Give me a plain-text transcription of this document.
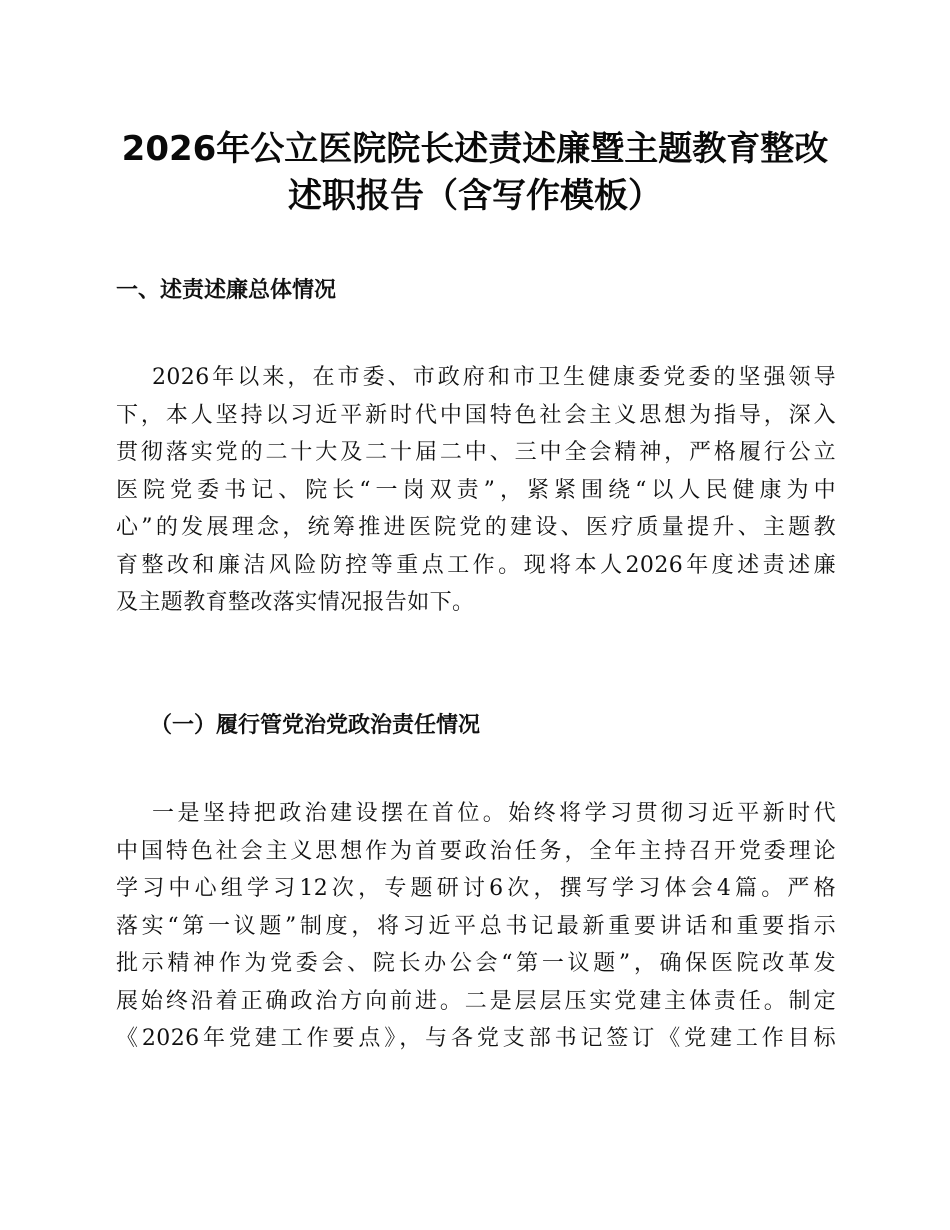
2026年公立医院院长述责述廉暨主题教育整改
述职报告（含写作模板）
一、述责述廉总体情况
2026年以来，在市委、市政府和市卫生健康委党委的坚强领导
下，本人坚持以习近平新时代中国特色社会主义思想为指导，深入
贯彻落实党的二十大及二十届二中、三中全会精神，严格履行公立
医院党委书记、院长“一岗双责”，紧紧围绕“以人民健康为中
心”的发展理念，统筹推进医院党的建设、医疗质量提升、主题教
育整改和廉洁风险防控等重点工作。现将本人2026年度述责述廉
及主题教育整改落实情况报告如下。
（一）履行管党治党政治责任情况
一是坚持把政治建设摆在首位。始终将学习贯彻习近平新时代
中国特色社会主义思想作为首要政治任务，全年主持召开党委理论
学习中心组学习12次，专题研讨6次，撰写学习体会4篇。严格
落实“第一议题”制度，将习近平总书记最新重要讲话和重要指示
批示精神作为党委会、院长办公会“第一议题”，确保医院改革发
展始终沿着正确政治方向前进。二是层层压实党建主体责任。制定
《2026年党建工作要点》，与各党支部书记签订《党建工作目标
